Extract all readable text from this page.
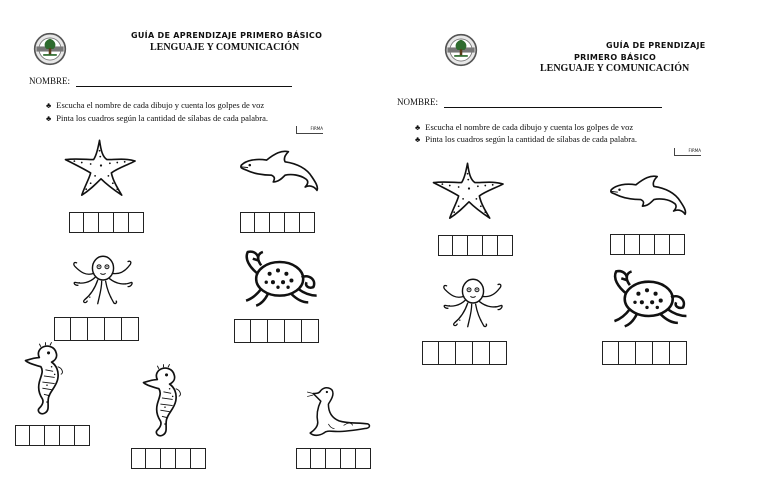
GUÍA DE APRENDIZAJE PRIMERO BÁSICO
LENGUAJE Y COMUNICACIÓN
NOMBRE:
♣ Escucha el nombre de cada dibujo y cuenta los golpes de voz
♣ Pinta los cuadros según la cantidad de sílabas de cada palabra.
FIRMA
GUÍA DE PRENDIZAJE
PRIMERO BÁSICO
LENGUAJE Y COMUNICACIÓN
NOMBRE:
♣ Escucha el nombre de cada dibujo y cuenta los golpes de voz
♣ Pinta los cuadros según la cantidad de sílabas de cada palabra.
FIRMA
